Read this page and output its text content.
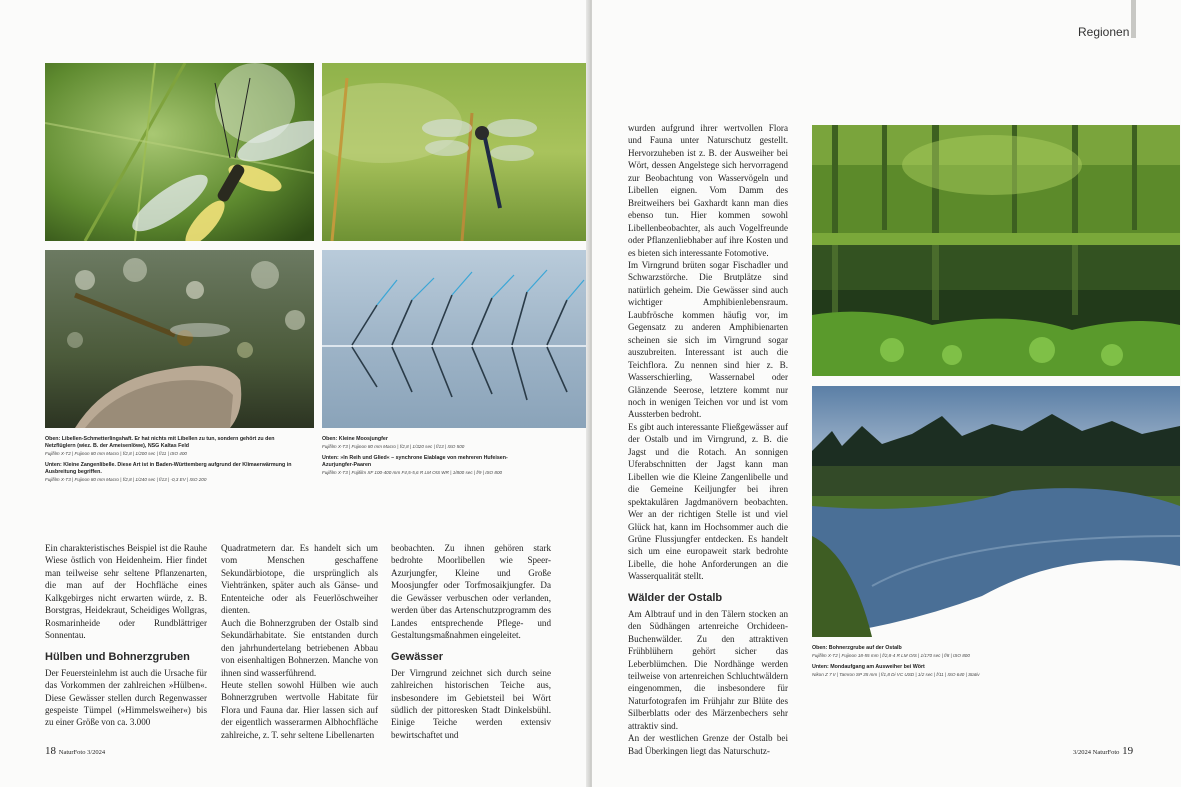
Oben: Libellen-Schmetterlingshaft. Er hat nichts mit Libellen zu tun, sondern gehört zu den Netzflüglern (wiez. B. der Ameisenlöwe), NSG Kaltas Feld
Fujifilm X-T2 | Fujinon 80 mm Macro | f/2,8 | 1/200 sec | f/11 | ISO 400

Unten: Kleine Zangenlibelle. Diese Art ist in Baden-Württemberg aufgrund der Klimaerwärmung in Ausbreitung begriffen.
Fujifilm X-T3 | Fujinon 80 mm Macro | f/2,8 | 1/240 sec | f/13 | -0,3 EV | ISO 200

Oben: Kleine Moosjungfer
Fujifilm X-T3 | Fujinon 80 mm Macro | f/2,8 | 1/320 sec | f/13 | ISO 500

Unten: »In Reih und Glied« – synchrone Eiablage von mehreren Hufeisen-Azurjungfer-Paaren
Fujifilm X-T3 | Fujifilm XF 100-400 mm F4,5-5,6 R LM OIS WR | 1/800 sec | f/9 | ISO 800

Ein charakteristisches Beispiel ist die Rauhe Wiese östlich von Heidenheim. Hier findet man teilweise sehr seltene Pflanzenarten, die man auf der Hochfläche eines Kalkgebirges nicht erwarten würde, z. B. Borstgras, Heidekraut, Scheidiges Wollgras, Rosmarinheide oder Rundblättriger Sonnentau.

Hülben und Bohnerzgruben

Der Feuersteinlehm ist auch die Ursache für das Vorkommen der zahlreichen »Hülben«. Diese Gewässer stellen durch Regenwasser gespeiste Tümpel (»Himmelsweiher«) bis zu einer Größe von ca. 3.000

Quadratmetern dar. Es handelt sich um vom Menschen geschaffene Sekundärbiotope, die ursprünglich als Viehtränken, später auch als Gänse- und Ententeiche oder als Feuerlöschweiher dienten.

Auch die Bohnerzgruben der Ostalb sind Sekundärhabitate. Sie entstanden durch den jahrhundertelang betriebenen Abbau von eisenhaltigen Bohnerzen. Manche von ihnen sind wasserführend.

Heute stellen sowohl Hülben wie auch Bohnerzgruben wertvolle Habitate für Flora und Fauna dar. Hier lassen sich auf der eigentlich wasserarmen Albhochfläche zahlreiche, z. T. sehr seltene Libellenarten

beobachten. Zu ihnen gehören stark bedrohte Moorlibellen wie Speer-Azurjungfer, Kleine und Große Moosjungfer oder Torfmosaikjungfer. Da die Gewässer verbuschen oder verlanden, werden über das Artenschutzprogramm des Landes entsprechende Pflege- und Gestaltungsmaßnahmen eingeleitet.

Gewässer

Der Virngrund zeichnet sich durch seine zahlreichen historischen Teiche aus, insbesondere im Gebietsteil bei Wört südlich der pittoresken Stadt Dinkelsbühl. Einige Teiche werden extensiv bewirtschaftet und

18 NaturFoto 3/2024
Regionen

wurden aufgrund ihrer wertvollen Flora und Fauna unter Naturschutz gestellt. Hervorzuheben ist z. B. der Ausweiher bei Wört, dessen Angelstege sich hervorragend zur Beobachtung von Wasservögeln und Libellen eignen. Vom Damm des Breitweihers bei Gaxhardt kann man dies ebenso tun. Hier kommen sowohl Libellenbeobachter, als auch Vogelfreunde oder Pflanzenliebhaber auf ihre Kosten und es bieten sich interessante Fotomotive.

Im Virngrund brüten sogar Fischadler und Schwarzstörche. Die Brutplätze sind natürlich geheim. Die Gewässer sind auch wichtiger Amphibienlebensraum. Laubfrösche kommen häufig vor, im Gegensatz zu anderen Amphibienarten scheinen sie sich im Virngrund sogar auszubreiten. Interessant ist auch die Teichflora. Zu nennen sind hier z. B. Wasserschierling, Wassernabel oder Glänzende Seerose, letztere kommt nur noch in wenigen Teichen vor und ist vom Aussterben bedroht.

Es gibt auch interessante Fließgewässer auf der Ostalb und im Virngrund, z. B. die Jagst und die Rotach. An sonnigen Uferabschnitten der Jagst kann man Libellen wie die Kleine Zangenlibelle und die Gemeine Keiljungfer bei ihren spektakulären Jagdmanövern beobachten. Wer an der richtigen Stelle ist und viel Glück hat, kann im Hochsommer auch die Grüne Flussjungfer entdecken. Es handelt sich um eine europaweit stark bedrohte Libelle, die hohe Anforderungen an die Wasserqualität stellt.

Wälder der Ostalb

Am Albtrauf und in den Tälern stocken an den Südhängen artenreiche Orchideen-Buchenwälder. Zu den attraktiven Frühblühern gehört sicher das Leberblümchen. Die Nordhänge werden teilweise von artenreichen Schluchtwäldern eingenommen, die insbesondere für Naturfotografen im Frühjahr zur Blüte des Silberblatts oder des Märzenbechers sehr attraktiv sind.

An der westlichen Grenze der Ostalb bei Bad Überkingen liegt das Naturschutz-

Oben: Bohnerzgrube auf der Ostalb
Fujifilm X-T2 | Fujinon 18-55 mm | f/2,8-4 R LM OIS | 1/170 sec | f/8 | ISO 800

Unten: Mondaufgang am Ausweiher bei Wört
Nikon Z 7 II | Tamron SP 35 mm | f/1,8 Di VC USD | 1/2 sec | f/11 | ISO 640 | Stativ

3/2024 NaturFoto 19
